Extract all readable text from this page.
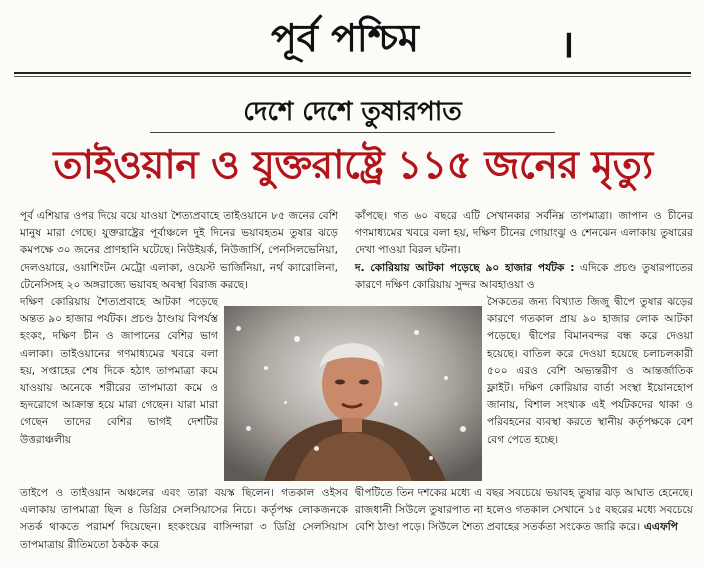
পূর্ব পশ্চিম	।
দেশে দেশে তুষারপাত
তাইওয়ান ও যুক্তরাষ্ট্রে ১১৫ জনের মৃত্যু

পূর্ব এশিয়ার ওপর দিয়ে বয়ে যাওয়া শৈত্যপ্রবাহে তাইওয়ানে ৮৫ জনের বেশি মানুষ মারা গেছে। যুক্তরাষ্ট্রের পূর্বাঞ্চলে দুই দিনের ভয়াবহতম তুষার ঝড়ে কমপক্ষে ৩০ জনের প্রাণহানি ঘটেছে। নিউইয়র্ক, নিউজার্সি, পেনসিলভেনিয়া, দেলওয়ারে, ওয়াশিংটন মেট্রো এলাকা, ওয়েস্ট ভার্জিনিয়া, নর্থ ক্যারোলিনা, টেনেসিসহ ২০ অঙ্গরাজ্যে ভয়াবহ অবস্থা বিরাজ করছে।

কাঁপছে। গত ৬০ বছরে এটি সেখানকার সর্বনিম্ন তাপমাত্রা। জাপান ও চীনের গণমাধ্যমের খবরে বলা হয়, দক্ষিণ চীনের গোয়াংঝু ও শেনঝেন এলাকায় তুষারের দেখা পাওয়া বিরল ঘটনা।

দ. কোরিয়ায় আটকা পড়েছে ৯০ হাজার পর্যটক : এদিকে প্রচণ্ড তুষারপাতের কারণে দক্ষিণ কোরিয়ায় সুন্দর আবহাওয়া ও

দক্ষিণ কোরিয়ায় শৈত্যপ্রবাহে আটকা পড়েছে অন্তত ৯০ হাজার পর্যটক। প্রচণ্ড ঠাণ্ডায় বিপর্যস্ত হংকং, দক্ষিণ চীন ও জাপানের বেশির ভাগ এলাকা। তাইওয়ানের গণমাধ্যমের খবরে বলা হয়, সপ্তাহের শেষ দিকে হঠাৎ তাপমাত্রা কমে যাওয়ায় অনেকে শরীরের তাপমাত্রা কমে ও হৃদরোগে আক্রান্ত হয়ে মারা গেছেন। যারা মারা গেছেন তাদের বেশির ভাগই দেশটির উত্তরাঞ্চলীয়

সৈকতের জন্য বিখ্যাত জিজু দ্বীপে তুষার ঝড়ের কারণে গতকাল প্রায় ৯০ হাজার লোক আটকা পড়েছে। দ্বীপের বিমানবন্দর বন্ধ করে দেওয়া হয়েছে। বাতিল করে দেওয়া হয়েছে চলাচলকারী ৫০০ এরও বেশি অভ্যন্তরীণ ও আন্তর্জাতিক ফ্লাইট। দক্ষিণ কোরিয়ার বার্তা সংস্থা ইয়োনহোপ জানায়, বিশাল সংখ্যক এই পর্যটকদের থাকা ও পরিবহনের ব্যবস্থা করতে স্থানীয় কর্তৃপক্ষকে বেশ বেগ পেতে হচ্ছে।

তাইপে ও তাইওয়ান অঞ্চলের এবং তারা বয়স্ক ছিলেন। গতকাল ওইসব এলাকায় তাপমাত্রা ছিল ৪ ডিগ্রির সেলসিয়াসের নিচে। কর্তৃপক্ষ লোকজনকে সতর্ক থাকতে পরামর্শ দিয়েছেন। হংকংয়ের বাসিন্দারা ৩ ডিগ্রি সেলসিয়াস তাপমাত্রায় রীতিমতো ঠকঠক করে

দ্বীপটিতে তিন দশকের মধ্যে এ বছর সবচেয়ে ভয়াবহ তুষার ঝড় আঘাত হেনেছে। রাজধানী সিউলে তুষারপাত না হলেও গতকাল সেখানে ১৫ বছরের মধ্যে সবচেয়ে বেশি ঠাণ্ডা পড়ে। সিউলে শৈত্য প্রবাহের সতর্কতা সংকেত জারি করে। এএফপি
